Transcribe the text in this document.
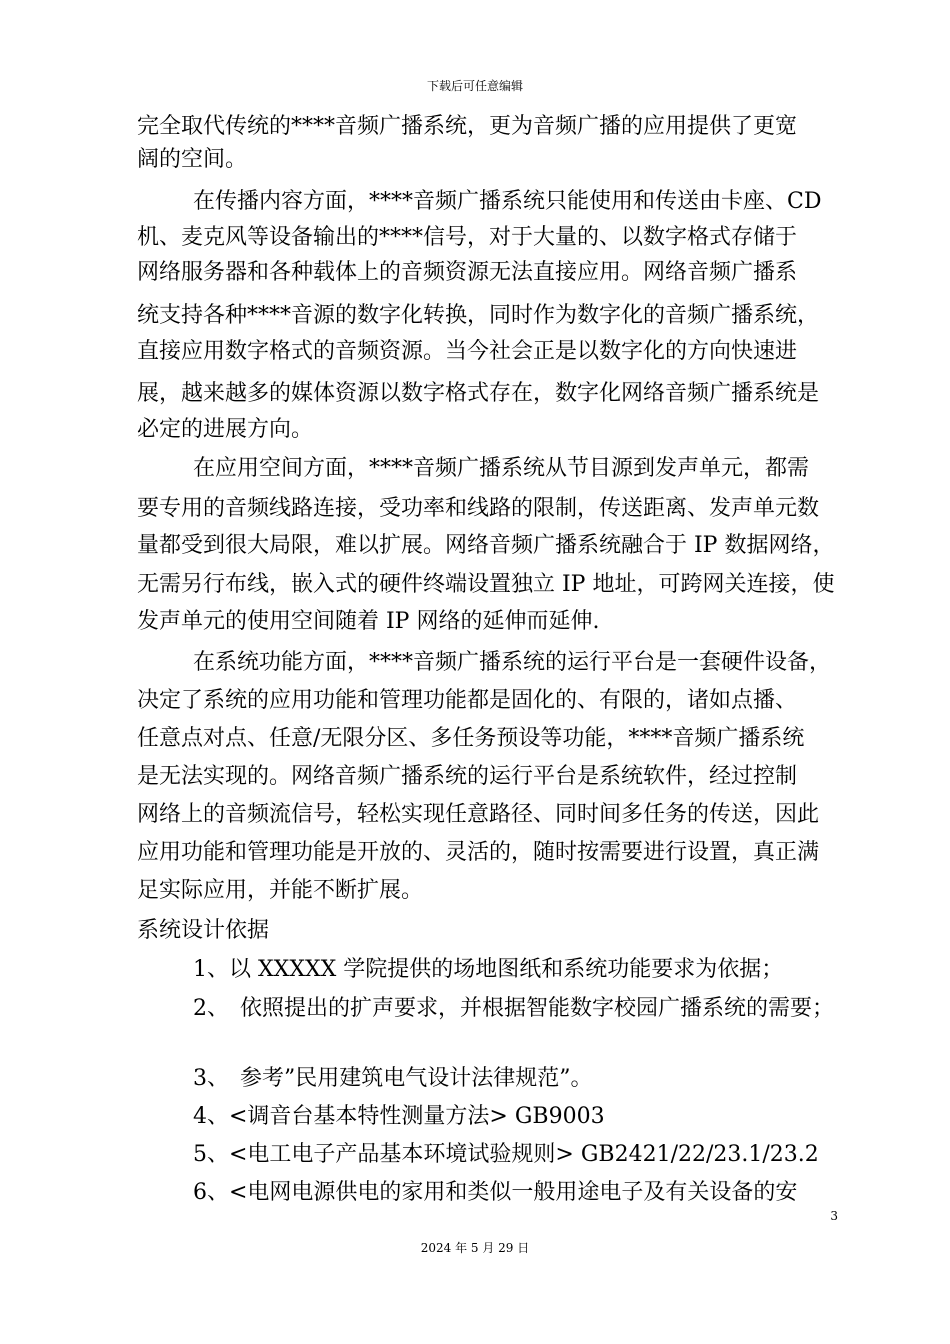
下载后可任意编辑
完全取代传统的****音频广播系统，更为音频广播的应用提供了更宽
阔的空间。
在传播内容方面，****音频广播系统只能使用和传送由卡座、CD
机、麦克风等设备输出的****信号，对于大量的、以数字格式存储于
网络服务器和各种载体上的音频资源无法直接应用。网络音频广播系
统支持各种****音源的数字化转换，同时作为数字化的音频广播系统，
直接应用数字格式的音频资源。当今社会正是以数字化的方向快速进
展，越来越多的媒体资源以数字格式存在，数字化网络音频广播系统是
必定的进展方向。
在应用空间方面，****音频广播系统从节目源到发声单元，都需
要专用的音频线路连接，受功率和线路的限制，传送距离、发声单元数
量都受到很大局限，难以扩展。网络音频广播系统融合于 IP 数据网络，
无需另行布线，嵌入式的硬件终端设置独立 IP 地址，可跨网关连接，使
发声单元的使用空间随着 IP 网络的延伸而延伸.
在系统功能方面，****音频广播系统的运行平台是一套硬件设备，
决定了系统的应用功能和管理功能都是固化的、有限的，诸如点播、
任意点对点、任意/无限分区、多任务预设等功能，****音频广播系统
是无法实现的。网络音频广播系统的运行平台是系统软件，经过控制
网络上的音频流信号，轻松实现任意路径、同时间多任务的传送，因此
应用功能和管理功能是开放的、灵活的，随时按需要进行设置，真正满
足实际应用，并能不断扩展。
系统设计依据
1、以 XXXXX 学院提供的场地图纸和系统功能要求为依据；
2、　依照提出的扩声要求，并根据智能数字校园广播系统的需要；
3、　参考”民用建筑电气设计法律规范”。
4、<调音台基本特性测量方法> GB9003
5、<电工电子产品基本环境试验规则> GB2421/22/23.1/23.2
6、<电网电源供电的家用和类似一般用途电子及有关设备的安
3
2024 年 5 月 29 日
